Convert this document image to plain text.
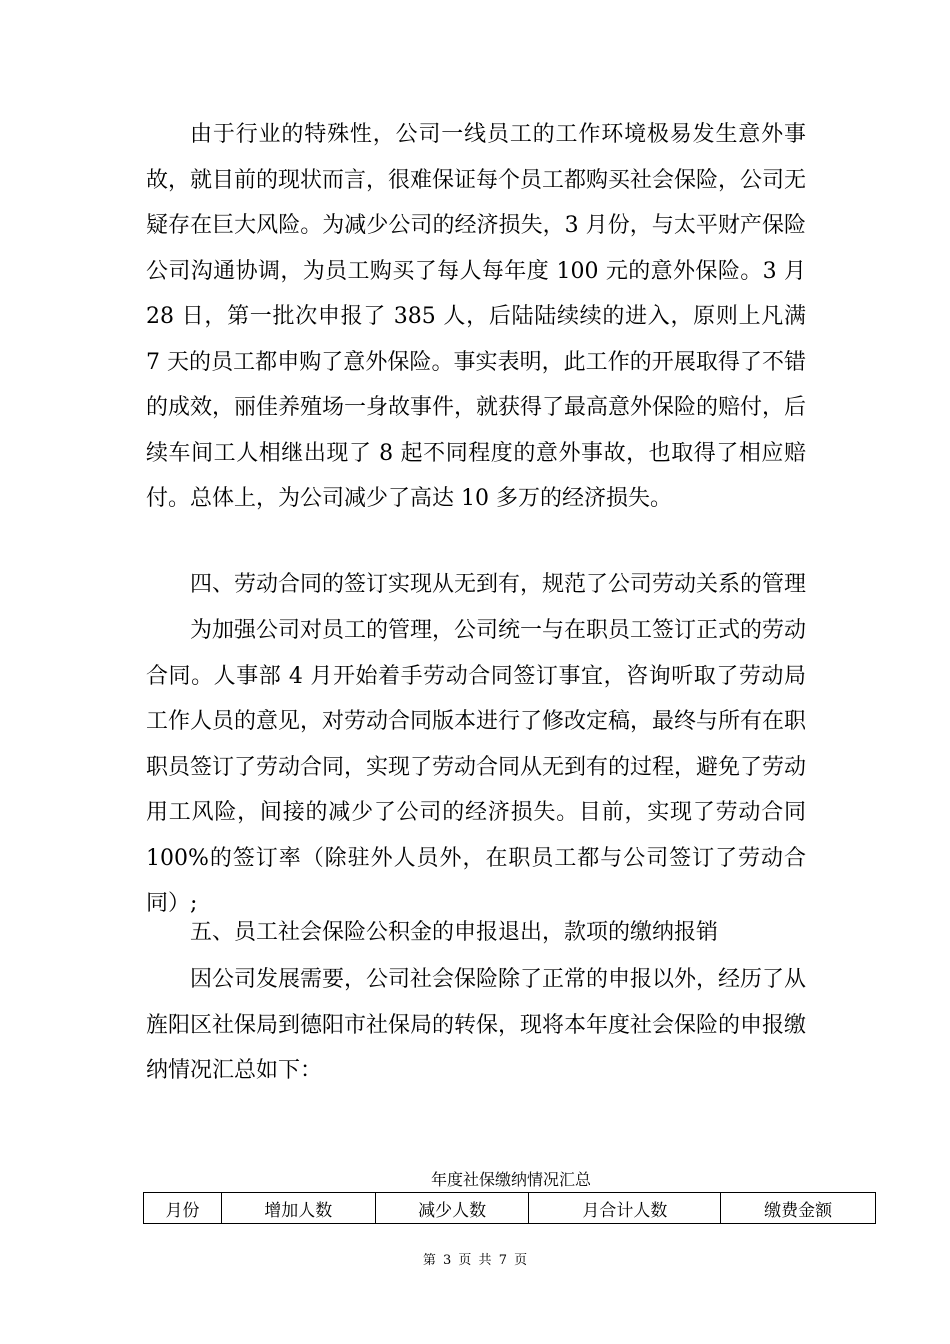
由于行业的特殊性，公司一线员工的工作环境极易发生意外事故，就目前的现状而言，很难保证每个员工都购买社会保险，公司无疑存在巨大风险。为减少公司的经济损失，3 月份，与太平财产保险公司沟通协调，为员工购买了每人每年度 100 元的意外保险。3 月 28 日，第一批次申报了 385 人，后陆陆续续的进入，原则上凡满 7 天的员工都申购了意外保险。事实表明，此工作的开展取得了不错的成效，丽佳养殖场一身故事件，就获得了最高意外保险的赔付，后续车间工人相继出现了 8 起不同程度的意外事故，也取得了相应赔付。总体上，为公司减少了高达 10 多万的经济损失。

四、劳动合同的签订实现从无到有，规范了公司劳动关系的管理

为加强公司对员工的管理，公司统一与在职员工签订正式的劳动合同。人事部 4 月开始着手劳动合同签订事宜，咨询听取了劳动局工作人员的意见，对劳动合同版本进行了修改定稿，最终与所有在职职员签订了劳动合同，实现了劳动合同从无到有的过程，避免了劳动用工风险，间接的减少了公司的经济损失。目前，实现了劳动合同 100%的签订率（除驻外人员外，在职员工都与公司签订了劳动合同）;

五、员工社会保险公积金的申报退出，款项的缴纳报销

因公司发展需要，公司社会保险除了正常的申报以外，经历了从旌阳区社保局到德阳市社保局的转保，现将本年度社会保险的申报缴纳情况汇总如下：

年度社保缴纳情况汇总
月份	增加人数	减少人数	月合计人数	缴费金额
第 3 页 共 7 页
